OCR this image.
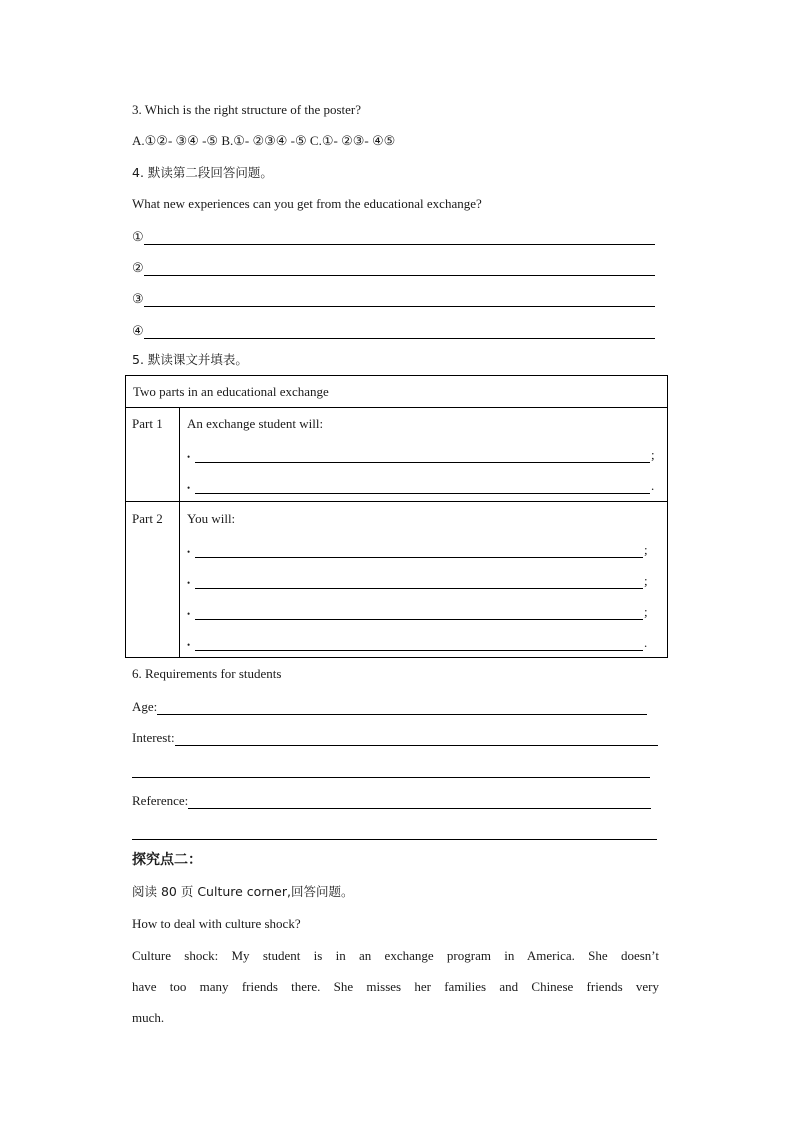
3. Which is the right structure of the poster?
A.①②- ③④ -⑤ B.①- ②③④ -⑤ C.①- ②③- ④⑤
4. 默读第二段回答问题。
What new experiences can you get from the educational exchange?
①
②
③
④
5. 默读课文并填表。
Two parts in an educational exchange
Part 1 An exchange student will:
•	;
•	.
Part 2 You will:
•	;
•	;
•	;
•	.
6. Requirements for students
Age:
Interest:
Reference:
探究点二：
阅读 80 页 Culture corner,回答问题。
How to deal with culture shock?
Culture shock: My student is in an exchange program in America. She doesn’t
have too many friends there. She misses her families and Chinese friends very
much.
